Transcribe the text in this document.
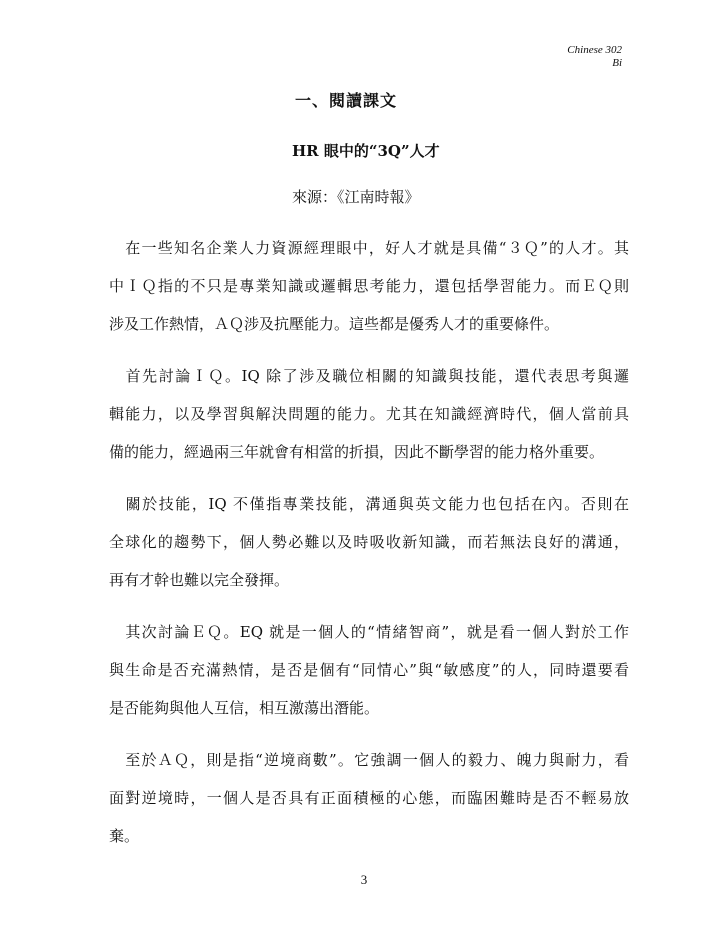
Chinese 302
Bi
一、閱讀課文
HR 眼中的“3Q”人才
來源：《江南時報》
　在一些知名企業人力資源經理眼中，好人才就是具備“３Ｑ”的人才。其
中ＩＱ指的不只是專業知識或邏輯思考能力，還包括學習能力。而ＥＱ則
涉及工作熱情，ＡＱ涉及抗壓能力。這些都是優秀人才的重要條件。
　首先討論ＩＱ。IQ 除了涉及職位相關的知識與技能，還代表思考與邏
輯能力，以及學習與解決問題的能力。尤其在知識經濟時代，個人當前具
備的能力，經過兩三年就會有相當的折損，因此不斷學習的能力格外重要。
　關於技能，IQ 不僅指專業技能，溝通與英文能力也包括在內。否則在
全球化的趨勢下，個人勢必難以及時吸收新知識，而若無法良好的溝通，
再有才幹也難以完全發揮。
　其次討論ＥＱ。EQ 就是一個人的“情緒智商”，就是看一個人對於工作
與生命是否充滿熱情，是否是個有“同情心”與“敏感度”的人，同時還要看
是否能夠與他人互信，相互激蕩出潛能。
　至於ＡＱ，則是指“逆境商數”。它強調一個人的毅力、魄力與耐力，看
面對逆境時，一個人是否具有正面積極的心態，而臨困難時是否不輕易放
棄。
3
